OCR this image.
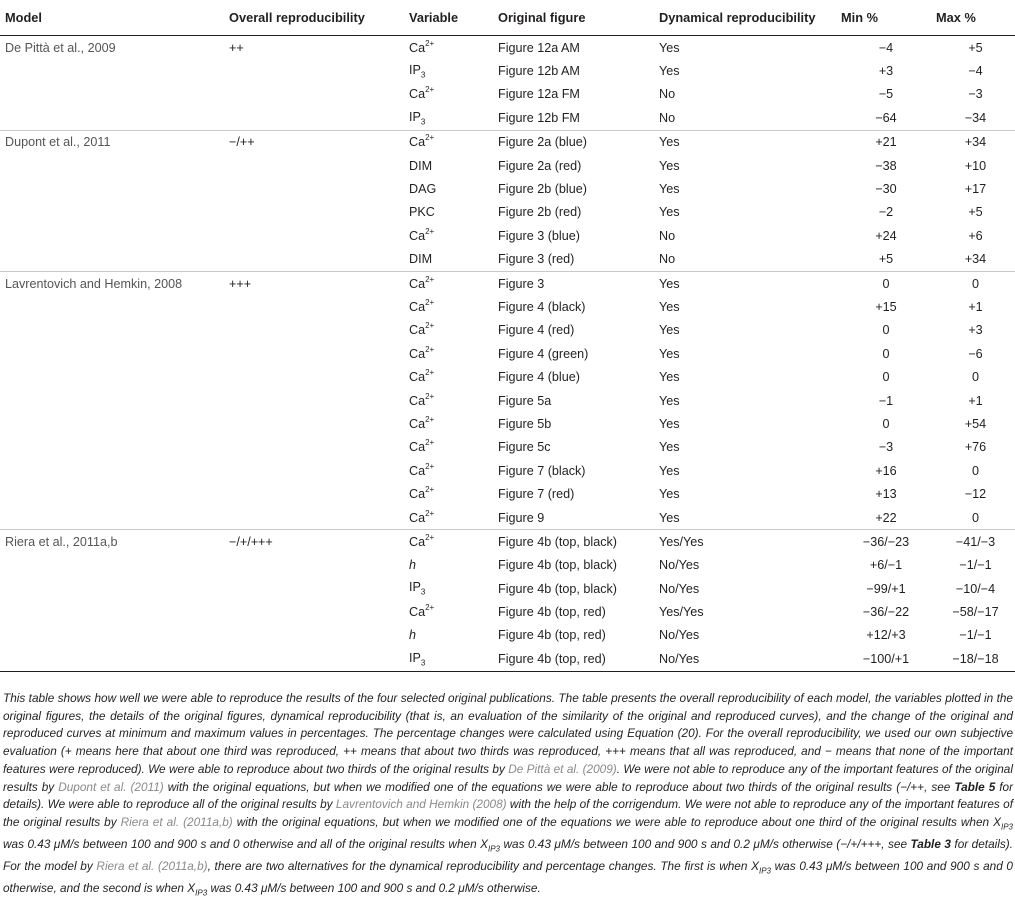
Model	Overall reproducibility	Variable	Original figure	Dynamical reproducibility	Min %	Max %
De Pittà et al., 2009	++	$Ca^{2+}$	Figure 12a AM	Yes	−4	+5
		$IP_3$	Figure 12b AM	Yes	+3	−4
		$Ca^{2+}$	Figure 12a FM	No	−5	−3
		$IP_3$	Figure 12b FM	No	−64	−34
Dupont et al., 2011	−/++	$Ca^{2+}$	Figure 2a (blue)	Yes	+21	+34
		DIM	Figure 2a (red)	Yes	−38	+10
		DAG	Figure 2b (blue)	Yes	−30	+17
		PKC	Figure 2b (red)	Yes	−2	+5
		$Ca^{2+}$	Figure 3 (blue)	No	+24	+6
		DIM	Figure 3 (red)	No	+5	+34
Lavrentovich and Hemkin, 2008	+++	$Ca^{2+}$	Figure 3	Yes	0	0
		$Ca^{2+}$	Figure 4 (black)	Yes	+15	+1
		$Ca^{2+}$	Figure 4 (red)	Yes	0	+3
		$Ca^{2+}$	Figure 4 (green)	Yes	0	−6
		$Ca^{2+}$	Figure 4 (blue)	Yes	0	0
		$Ca^{2+}$	Figure 5a	Yes	−1	+1
		$Ca^{2+}$	Figure 5b	Yes	0	+54
		$Ca^{2+}$	Figure 5c	Yes	−3	+76
		$Ca^{2+}$	Figure 7 (black)	Yes	+16	0
		$Ca^{2+}$	Figure 7 (red)	Yes	+13	−12
		$Ca^{2+}$	Figure 9	Yes	+22	0
Riera et al., 2011a,b	−/+/+++	$Ca^{2+}$	Figure 4b (top, black)	Yes/Yes	−36/−23	−41/−3
		h	Figure 4b (top, black)	No/Yes	+6/−1	−1/−1
		$IP_3$	Figure 4b (top, black)	No/Yes	−99/+1	−10/−4
		$Ca^{2+}$	Figure 4b (top, red)	Yes/Yes	−36/−22	−58/−17
		h	Figure 4b (top, red)	No/Yes	+12/+3	−1/−1
		$IP_3$	Figure 4b (top, red)	No/Yes	−100/+1	−18/−18
This table shows how well we were able to reproduce the results of the four selected original publications. The table presents the overall reproducibility of each model, the variables plotted in the original figures, the details of the original figures, dynamical reproducibility (that is, an evaluation of the similarity of the original and reproduced curves), and the change of the original and reproduced curves at minimum and maximum values in percentages. The percentage changes were calculated using Equation (20). For the overall reproducibility, we used our own subjective evaluation (+ means here that about one third was reproduced, ++ means that about two thirds was reproduced, +++ means that all was reproduced, and − means that none of the important features were reproduced). We were able to reproduce about two thirds of the original results by De Pittà et al. (2009). We were not able to reproduce any of the important features of the original results by Dupont et al. (2011) with the original equations, but when we modified one of the equations we were able to reproduce about two thirds of the original results (−/++, see Table 5 for details). We were able to reproduce all of the original results by Lavrentovich and Hemkin (2008) with the help of the corrigendum. We were not able to reproduce any of the important features of the original results by Riera et al. (2011a,b) with the original equations, but when we modified one of the equations we were able to reproduce about one third of the original results when $X_{IP3}$ was 0.43 μM/s between 100 and 900 s and 0 otherwise and all of the original results when $X_{IP3}$ was 0.43 μM/s between 100 and 900 s and 0.2 μM/s otherwise (−/+/+++, see Table 3 for details). For the model by Riera et al. (2011a,b), there are two alternatives for the dynamical reproducibility and percentage changes. The first is when $X_{IP3}$ was 0.43 μM/s between 100 and 900 s and 0 otherwise, and the second is when $X_{IP3}$ was 0.43 μM/s between 100 and 900 s and 0.2 μM/s otherwise.
